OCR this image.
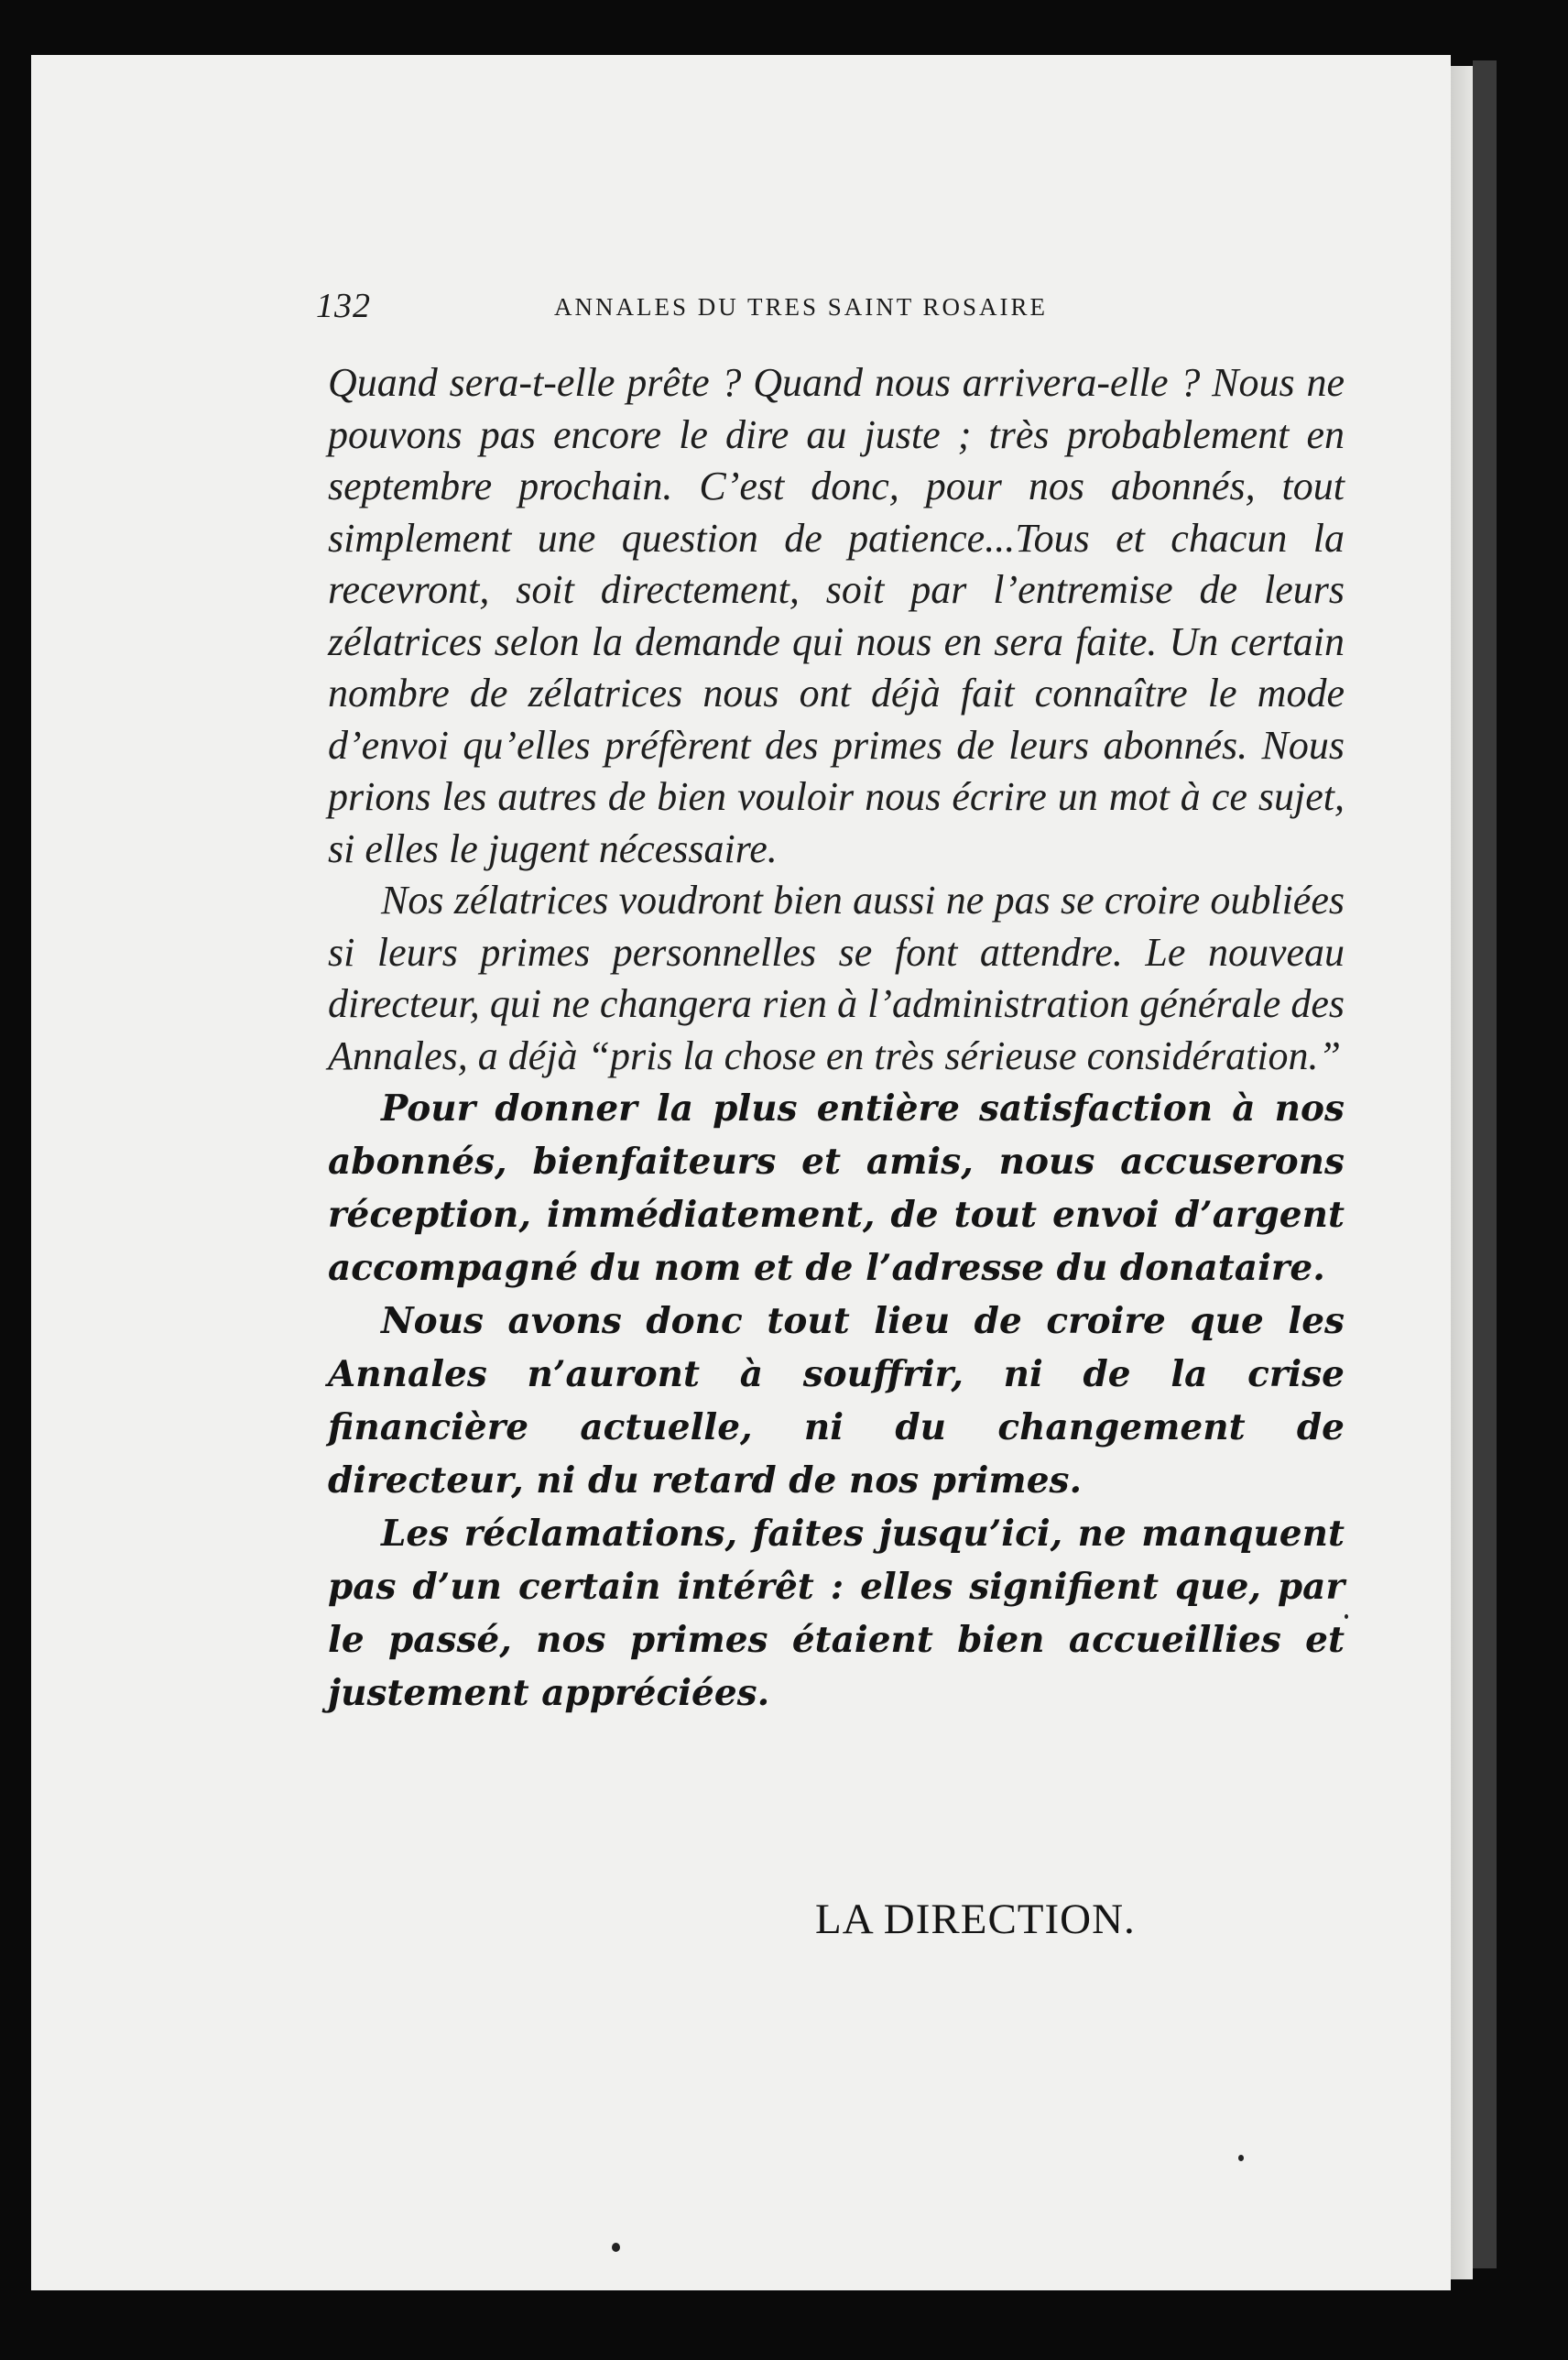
132	ANNALES DU TRES SAINT ROSAIRE

Quand sera-t-elle prête ? Quand nous arrivera-elle ? Nous ne pouvons pas encore le dire au juste ; très probablement en septembre prochain. C’est donc, pour nos abonnés, tout simplement une question de patience...Tous et chacun la recevront, soit directement, soit par l’entremise de leurs zélatrices selon la demande qui nous en sera faite. Un certain nombre de zélatrices nous ont déjà fait connaître le mode d’envoi qu’elles préfèrent des primes de leurs abonnés. Nous prions les autres de bien vouloir nous écrire un mot à ce sujet, si elles le jugent nécessaire.

Nos zélatrices voudront bien aussi ne pas se croire oubliées si leurs primes personnelles se font attendre. Le nouveau directeur, qui ne changera rien à l’administration générale des Annales, a déjà “pris la chose en très sérieuse considération.”

Pour donner la plus entière satisfaction à nos abonnés, bienfaiteurs et amis, nous accuserons réception, immédiatement, de tout envoi d’argent accompagné du nom et de l’adresse du donataire.

Nous avons donc tout lieu de croire que les Annales n’auront à souffrir, ni de la crise financière actuelle, ni du changement de directeur, ni du retard de nos primes.

Les réclamations, faites jusqu’ici, ne manquent pas d’un certain intérêt : elles signifient que, par le passé, nos primes étaient bien accueillies et justement appréciées.

LA DIRECTION.
